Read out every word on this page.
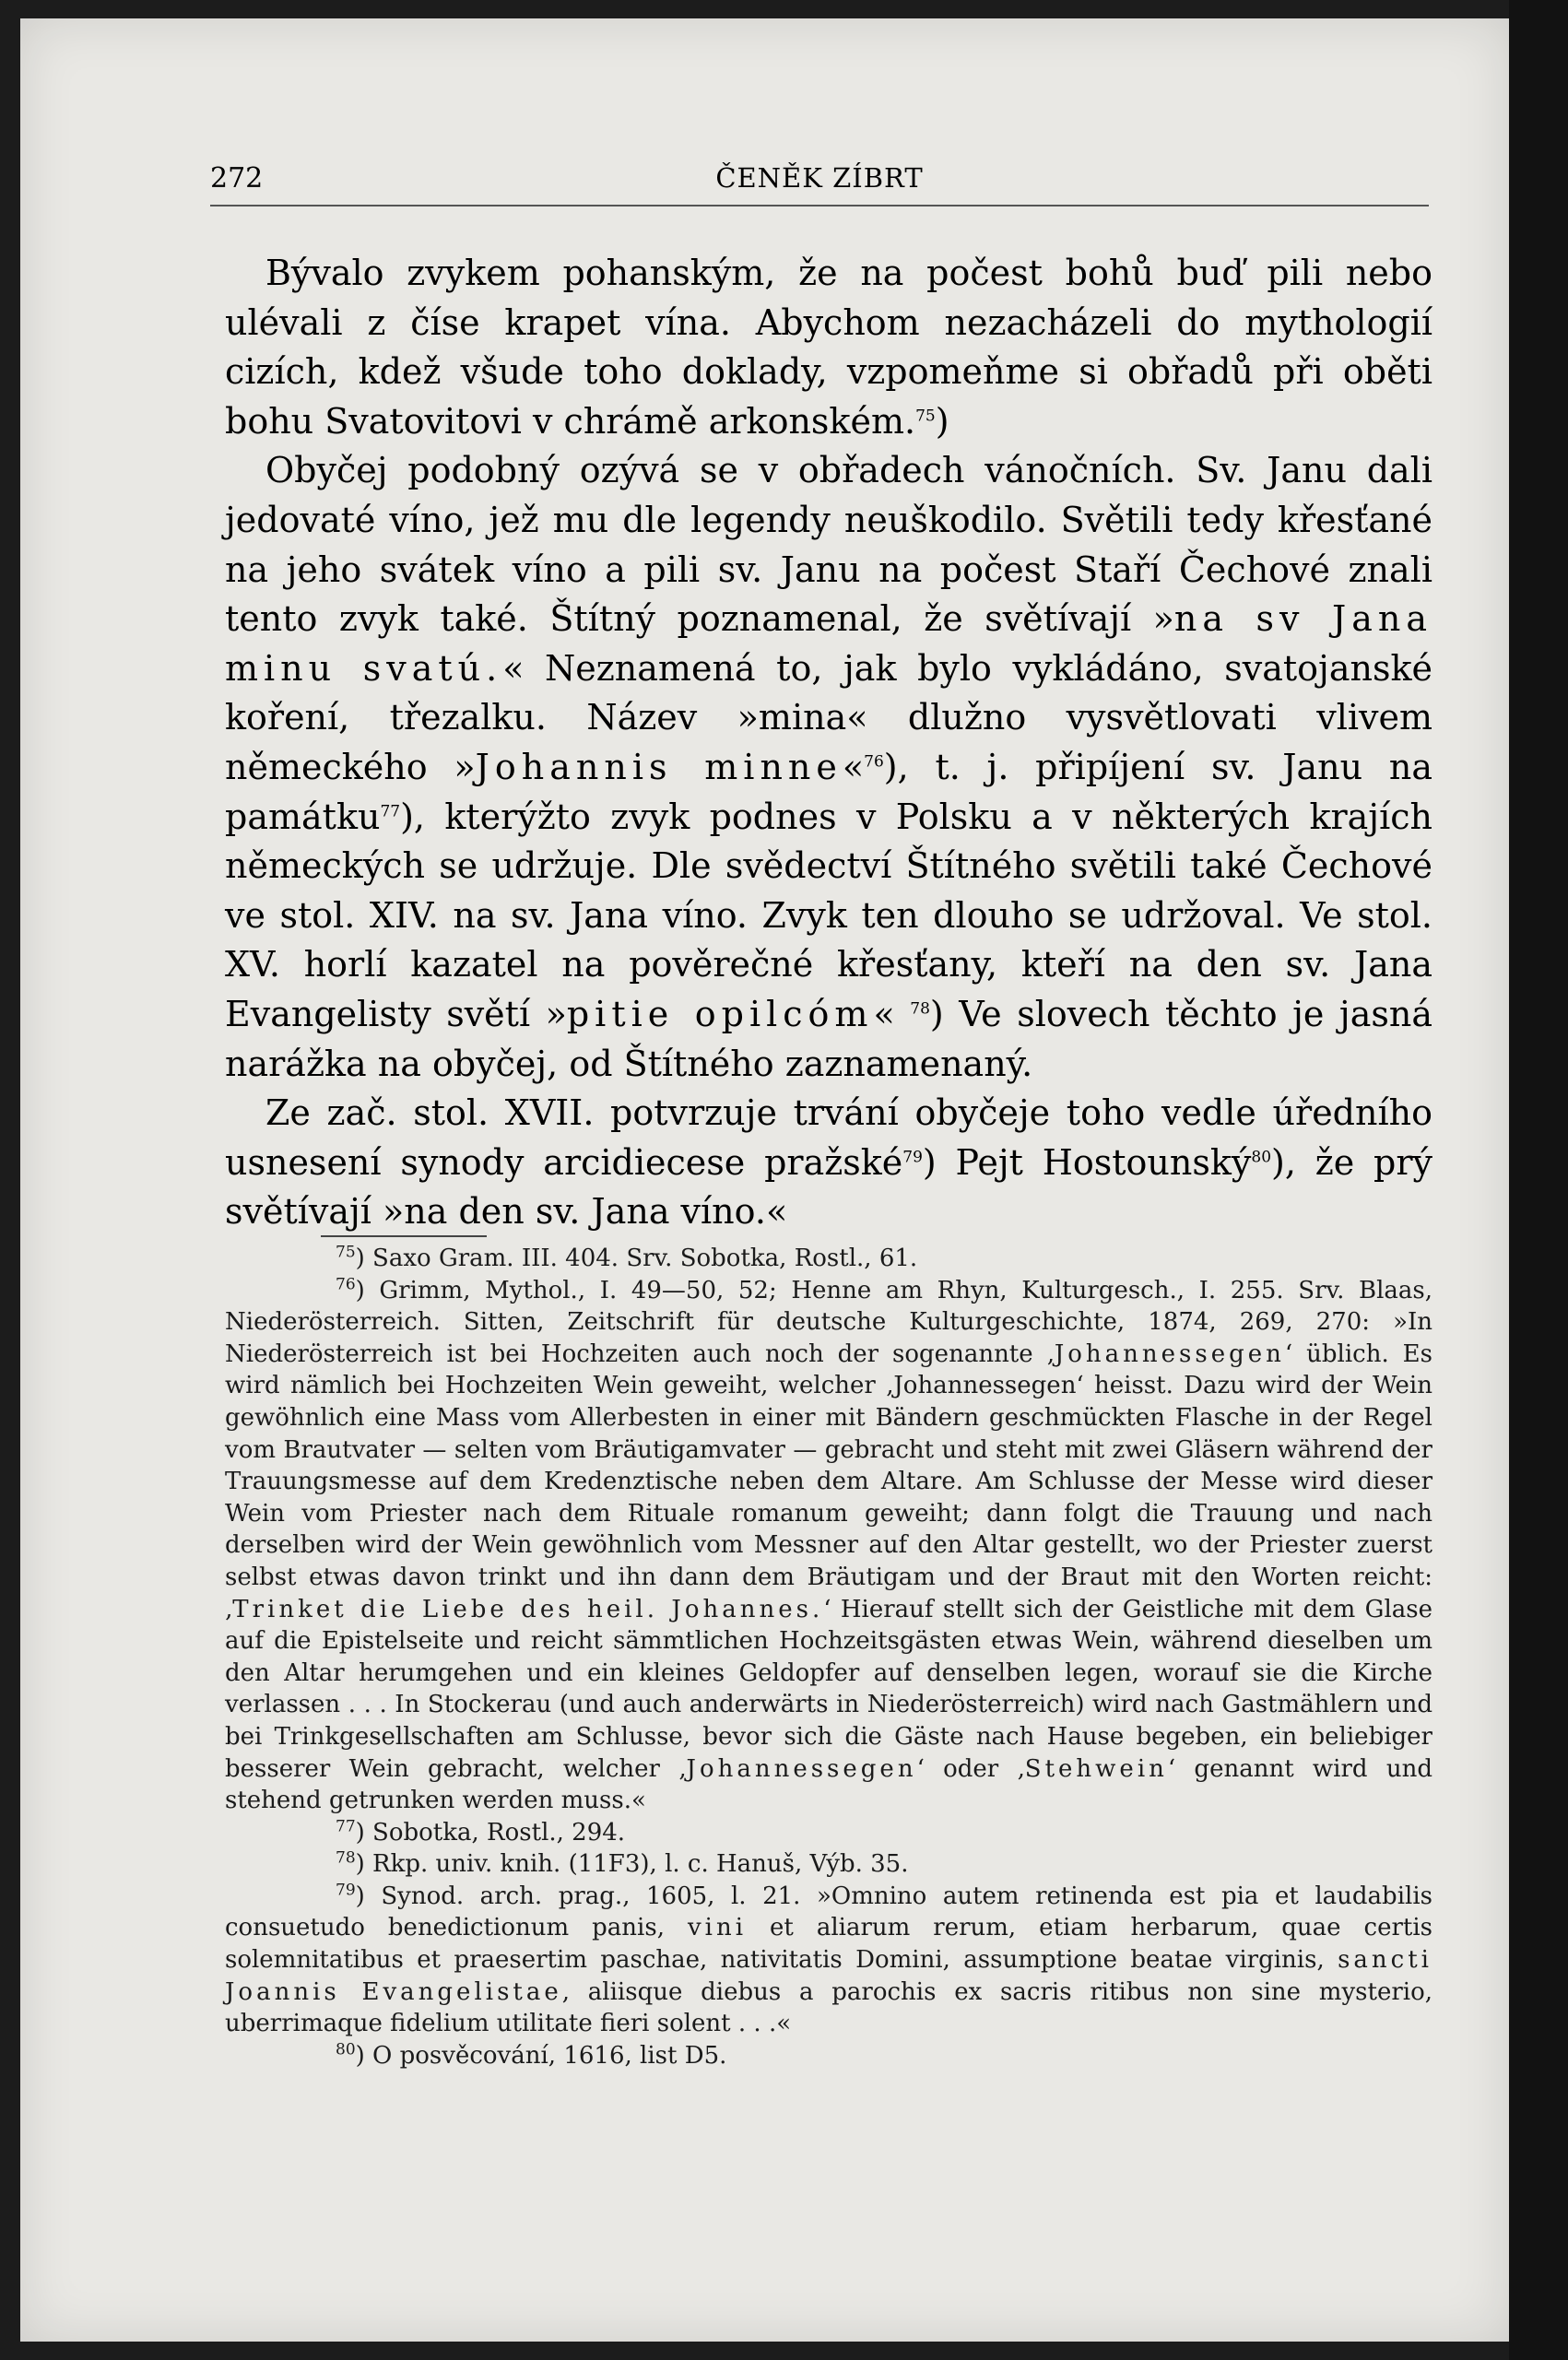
272	ČENĚK ZÍBRT

Bývalo zvykem pohanským, že na počest bohů buď pili nebo ulévali z číse krapet vína. Abychom nezacházeli do mythologií cizích, kdež všude toho doklady, vzpomeňme si obřadů při oběti bohu Svatovitovi v chrámě arkonském.$^{75}$)

Obyčej podobný ozývá se v obřadech vánočních. Sv. Janu dali jedovaté víno, jež mu dle legendy neuškodilo. Světili tedy křesťané na jeho svátek víno a pili sv. Janu na počest Staří Čechové znali tento zvyk také. Štítný poznamenal, že světívají »na sv Jana minu svatú.« Neznamená to, jak bylo vykládáno, svatojanské koření, třezalku. Název »mina« dlužno vysvětlovati vlivem německého »Johannis minne«$^{76}$), t. j. připíjení sv. Janu na památku$^{77}$), kterýžto zvyk podnes v Polsku a v některých krajích německých se udržuje. Dle svědectví Štítného světili také Čechové ve stol. XIV. na sv. Jana víno. Zvyk ten dlouho se udržoval. Ve stol. XV. horlí kazatel na pověrečné křesťany, kteří na den sv. Jana Evangelisty světí »pitie opilcóm« $^{78}$) Ve slovech těchto je jasná narážka na obyčej, od Štítného zaznamenaný.

Ze zač. stol. XVII. potvrzuje trvání obyčeje toho vedle úředního usnesení synody arcidiecese pražské$^{79}$) Pejt Hostounský$^{80}$), že prý světívají »na den sv. Jana víno.«

$^{75}$) Saxo Gram. III. 404. Srv. Sobotka, Rostl., 61.

$^{76}$) Grimm, Mythol., I. 49—50, 52; Henne am Rhyn, Kulturgesch., I. 255. Srv. Blaas, Niederösterreich. Sitten, Zeitschrift für deutsche Kulturgeschichte, 1874, 269, 270: »In Niederösterreich ist bei Hochzeiten auch noch der sogenannte ‚Johannessegen‘ üblich. Es wird nämlich bei Hochzeiten Wein geweiht, welcher ‚Johannessegen‘ heisst. Dazu wird der Wein gewöhnlich eine Mass vom Allerbesten in einer mit Bändern geschmückten Flasche in der Regel vom Brautvater — selten vom Bräutigamvater — gebracht und steht mit zwei Gläsern während der Trauungsmesse auf dem Kredenztische neben dem Altare. Am Schlusse der Messe wird dieser Wein vom Priester nach dem Rituale romanum geweiht; dann folgt die Trauung und nach derselben wird der Wein gewöhnlich vom Messner auf den Altar gestellt, wo der Priester zuerst selbst etwas davon trinkt und ihn dann dem Bräutigam und der Braut mit den Worten reicht: ‚Trinket die Liebe des heil. Johannes.‘ Hierauf stellt sich der Geistliche mit dem Glase auf die Epistelseite und reicht sämmtlichen Hochzeitsgästen etwas Wein, während dieselben um den Altar herumgehen und ein kleines Geldopfer auf denselben legen, worauf sie die Kirche verlassen . . . In Stockerau (und auch anderwärts in Niederösterreich) wird nach Gastmählern und bei Trinkgesellschaften am Schlusse, bevor sich die Gäste nach Hause begeben, ein beliebiger besserer Wein gebracht, welcher ‚Johannessegen‘ oder ‚Stehwein‘ genannt wird und stehend getrunken werden muss.«

$^{77}$) Sobotka, Rostl., 294.

$^{78}$) Rkp. univ. knih. (11F3), l. c. Hanuš, Výb. 35.

$^{79}$) Synod. arch. prag., 1605, l. 21. »Omnino autem retinenda est pia et laudabilis consuetudo benedictionum panis, vini et aliarum rerum, etiam herbarum, quae certis solemnitatibus et praesertim paschae, nativitatis Domini, assumptione beatae virginis, sancti Joannis Evangelistae, aliisque diebus a parochis ex sacris ritibus non sine mysterio, uberrimaque fidelium utilitate fieri solent . . .«

$^{80}$) O posvěcování, 1616, list D5.
